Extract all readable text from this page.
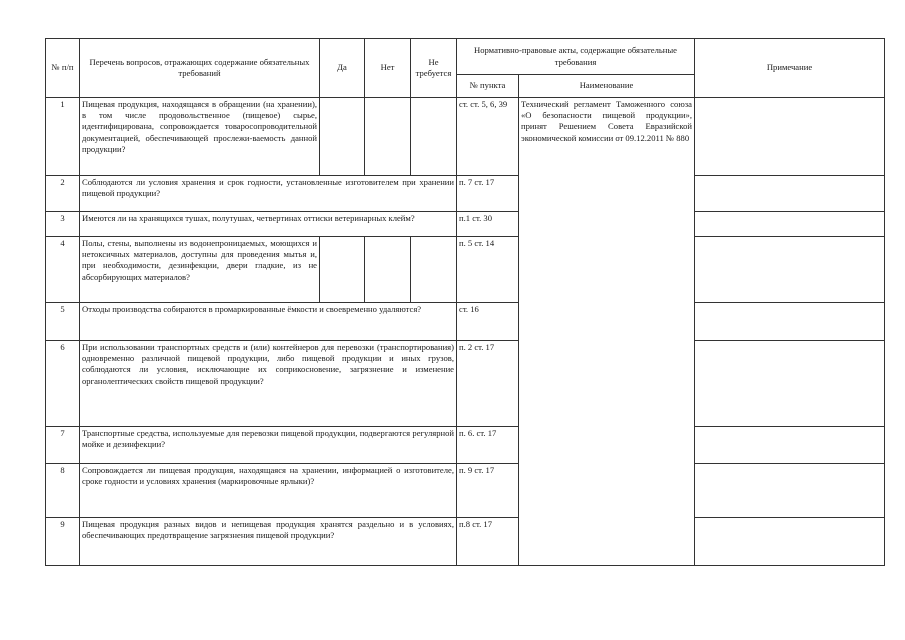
№ п/п	Перечень вопросов, отражающих содержание обязательных требований	Да	Нет	Не требуется	Нормативно-правовые акты, содержащие обязательные требования		Примечание
					№ пункта	Наименование	
1	Пищевая продукция, находящаяся в обращении (на хранении), в том числе продовольственное (пищевое) сырье, идентифицирована, сопровождается товаросопроводительной документацией, обеспечивающей прослежи-ваемость данной продукции?				ст. ст. 5, 6, 39	Технический регламент Таможенного союза «О безопасности пищевой продукции», принят Решением Совета Евразийской экономической комиссии от 09.12.2011 № 880	
2	Соблюдаются ли условия хранения и срок годности, установленные изготовителем при хранении пищевой продукции?				п. 7 ст. 17		
3	Имеются ли на хранящихся тушах, полутушах, четвертинах оттиски ветеринарных клейм?				п.1 ст. 30		
4	Полы, стены, выполнены из водонепроницаемых, моющихся и нетоксичных материалов, доступны для проведения мытья и, при необходимости, дезинфекции, двери гладкие, из не абсорбирующих материалов?				п. 5 ст. 14		
5	Отходы производства собираются в промаркированные ёмкости и своевременно удаляются?				ст. 16		
6	При использовании транспортных средств и (или) контейнеров для перевозки (транспортирования) одновременно различной пищевой продукции, либо пищевой продукции и иных грузов, соблюдаются ли условия, исключающие их соприкосновение, загрязнение и изменение органолептических свойств пищевой продукции?				п. 2 ст. 17		
7	Транспортные средства, используемые для перевозки пищевой продукции, подвергаются регулярной мойке и дезинфекции?				п. 6. ст. 17		
8	Сопровождается ли пищевая продукция, находящаяся на хранении, информацией о изготовителе, сроке годности и условиях хранения (маркировочные ярлыки)?				п. 9 ст. 17		
9	Пищевая продукция разных видов и непищевая продукция хранятся раздельно и в условиях, обеспечивающих предотвращение загрязнения пищевой продукции?				п.8 ст. 17		
